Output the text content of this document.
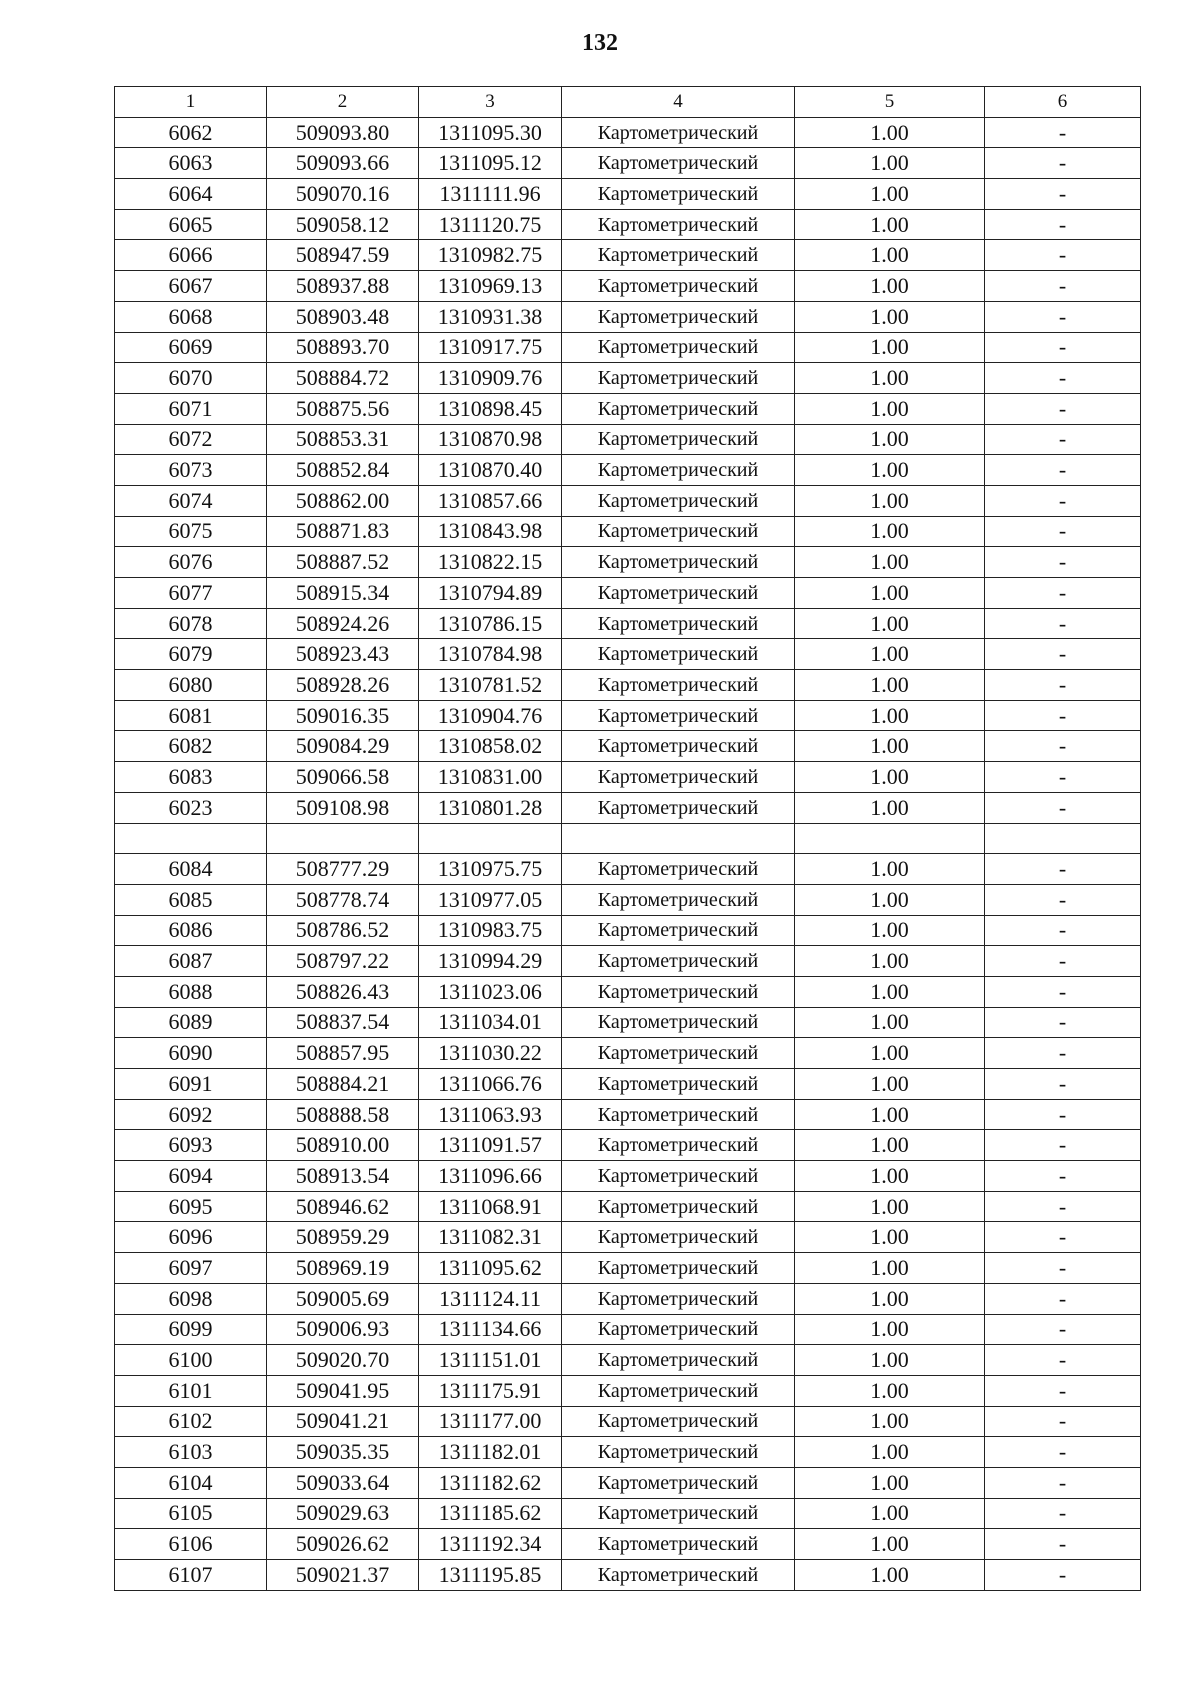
132
1	2	3	4	5	6
6062	509093.80	1311095.30	Картометрический	1.00	-
6063	509093.66	1311095.12	Картометрический	1.00	-
6064	509070.16	1311111.96	Картометрический	1.00	-
6065	509058.12	1311120.75	Картометрический	1.00	-
6066	508947.59	1310982.75	Картометрический	1.00	-
6067	508937.88	1310969.13	Картометрический	1.00	-
6068	508903.48	1310931.38	Картометрический	1.00	-
6069	508893.70	1310917.75	Картометрический	1.00	-
6070	508884.72	1310909.76	Картометрический	1.00	-
6071	508875.56	1310898.45	Картометрический	1.00	-
6072	508853.31	1310870.98	Картометрический	1.00	-
6073	508852.84	1310870.40	Картометрический	1.00	-
6074	508862.00	1310857.66	Картометрический	1.00	-
6075	508871.83	1310843.98	Картометрический	1.00	-
6076	508887.52	1310822.15	Картометрический	1.00	-
6077	508915.34	1310794.89	Картометрический	1.00	-
6078	508924.26	1310786.15	Картометрический	1.00	-
6079	508923.43	1310784.98	Картометрический	1.00	-
6080	508928.26	1310781.52	Картометрический	1.00	-
6081	509016.35	1310904.76	Картометрический	1.00	-
6082	509084.29	1310858.02	Картометрический	1.00	-
6083	509066.58	1310831.00	Картометрический	1.00	-
6023	509108.98	1310801.28	Картометрический	1.00	-

6084	508777.29	1310975.75	Картометрический	1.00	-
6085	508778.74	1310977.05	Картометрический	1.00	-
6086	508786.52	1310983.75	Картометрический	1.00	-
6087	508797.22	1310994.29	Картометрический	1.00	-
6088	508826.43	1311023.06	Картометрический	1.00	-
6089	508837.54	1311034.01	Картометрический	1.00	-
6090	508857.95	1311030.22	Картометрический	1.00	-
6091	508884.21	1311066.76	Картометрический	1.00	-
6092	508888.58	1311063.93	Картометрический	1.00	-
6093	508910.00	1311091.57	Картометрический	1.00	-
6094	508913.54	1311096.66	Картометрический	1.00	-
6095	508946.62	1311068.91	Картометрический	1.00	-
6096	508959.29	1311082.31	Картометрический	1.00	-
6097	508969.19	1311095.62	Картометрический	1.00	-
6098	509005.69	1311124.11	Картометрический	1.00	-
6099	509006.93	1311134.66	Картометрический	1.00	-
6100	509020.70	1311151.01	Картометрический	1.00	-
6101	509041.95	1311175.91	Картометрический	1.00	-
6102	509041.21	1311177.00	Картометрический	1.00	-
6103	509035.35	1311182.01	Картометрический	1.00	-
6104	509033.64	1311182.62	Картометрический	1.00	-
6105	509029.63	1311185.62	Картометрический	1.00	-
6106	509026.62	1311192.34	Картометрический	1.00	-
6107	509021.37	1311195.85	Картометрический	1.00	-
